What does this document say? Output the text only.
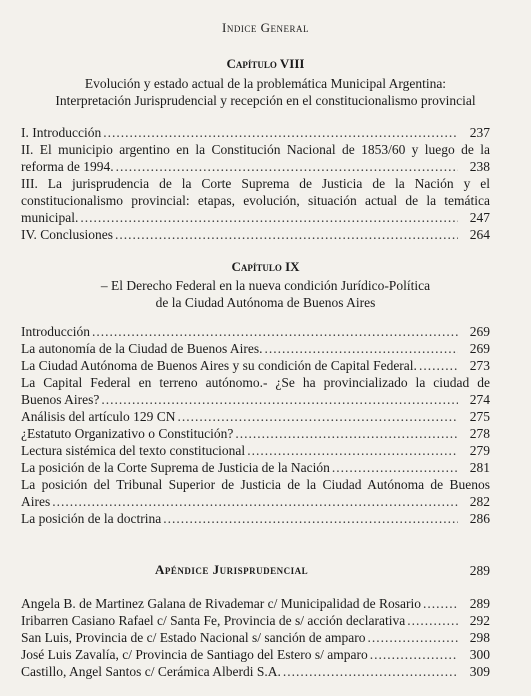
Indice General
Capítulo VIII
Evolución y estado actual de la problemática Municipal Argentina:
Interpretación Jurisprudencial y recepción en el constitucionalismo provincial
I. Introducción .....	237
II. El municipio argentino en la Constitución Nacional de 1853/60 y luego de la
reforma de 1994. .....	238
III. La jurisprudencia de la Corte Suprema de Justicia de la Nación y el
constitucionalismo provincial: etapas, evolución, situación actual de la temática
municipal. .....	247
IV. Conclusiones .....	264
Capítulo IX
– El Derecho Federal en la nueva condición Jurídico-Política
de la Ciudad Autónoma de Buenos Aires
Introducción .....	269
La autonomía de la Ciudad de Buenos Aires. .....	269
La Ciudad Autónoma de Buenos Aires y su condición de Capital Federal. .....	273
La Capital Federal en terreno autónomo.- ¿Se ha provincializado la ciudad de
Buenos Aires? .....	274
Análisis del artículo 129 CN .....	275
¿Estatuto Organizativo o Constitución? .....	278
Lectura sistémica del texto constitucional .....	279
La posición de la Corte Suprema de Justicia de la Nación .....	281
La posición del Tribunal Superior de Justicia de la Ciudad Autónoma de Buenos
Aires .....	282
La posición de la doctrina .....	286
Apéndice Jurisprudencial	289
Angela B. de Martinez Galana de Rivademar c/ Municipalidad de Rosario .....	289
Iribarren Casiano Rafael c/ Santa Fe, Provincia de s/ acción declarativa .....	292
San Luis, Provincia de c/ Estado Nacional s/ sanción de amparo .....	298
José Luis Zavalía, c/ Provincia de Santiago del Estero s/ amparo .....	300
Castillo, Angel Santos c/ Cerámica Alberdi S.A. .....	309
